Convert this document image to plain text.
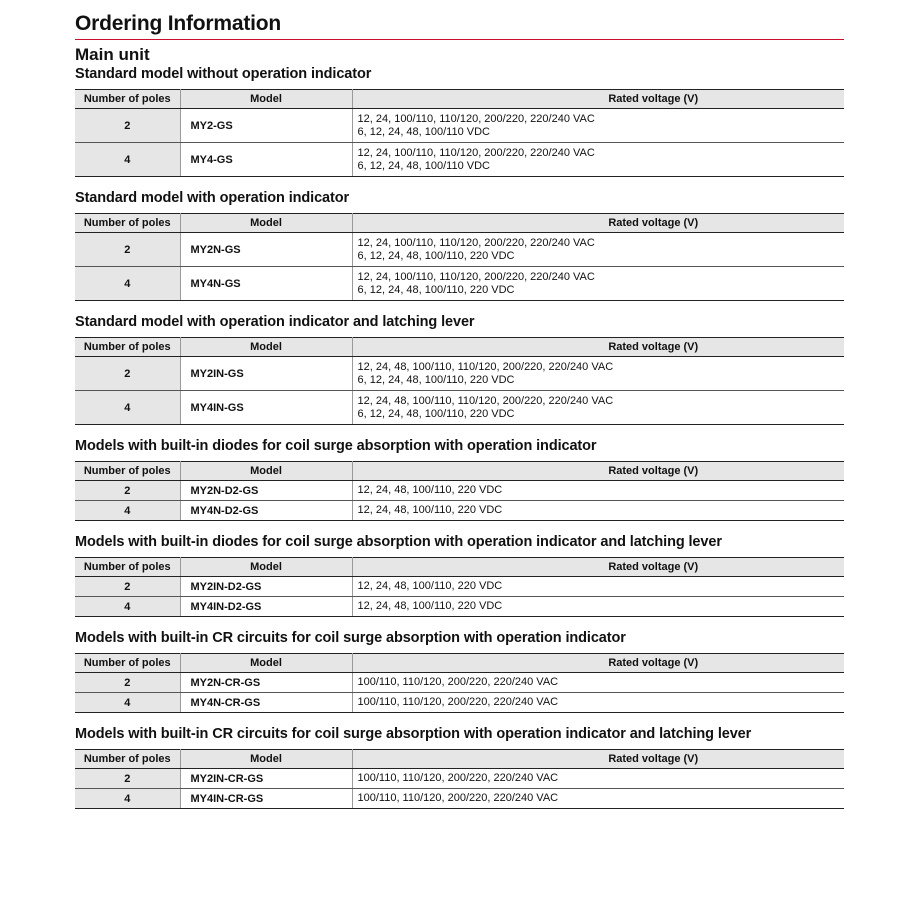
Ordering Information
Main unit
Standard model without operation indicator
Number of poles	Model	Rated voltage (V)
2	MY2-GS	12, 24, 100/110, 110/120, 200/220, 220/240 VAC
6, 12, 24, 48, 100/110 VDC

4	MY4-GS	12, 24, 100/110, 110/120, 200/220, 220/240 VAC
6, 12, 24, 48, 100/110 VDC
Standard model with operation indicator
Number of poles	Model	Rated voltage (V)
2	MY2N-GS	12, 24, 100/110, 110/120, 200/220, 220/240 VAC
6, 12, 24, 48, 100/110, 220 VDC

4	MY4N-GS	12, 24, 100/110, 110/120, 200/220, 220/240 VAC
6, 12, 24, 48, 100/110, 220 VDC
Standard model with operation indicator and latching lever
Number of poles	Model	Rated voltage (V)
2	MY2IN-GS	12, 24, 48, 100/110, 110/120, 200/220, 220/240 VAC
6, 12, 24, 48, 100/110, 220 VDC

4	MY4IN-GS	12, 24, 48, 100/110, 110/120, 200/220, 220/240 VAC
6, 12, 24, 48, 100/110, 220 VDC
Models with built-in diodes for coil surge absorption with operation indicator
Number of poles	Model	Rated voltage (V)
2	MY2N-D2-GS	12, 24, 48, 100/110, 220 VDC

4	MY4N-D2-GS	12, 24, 48, 100/110, 220 VDC
Models with built-in diodes for coil surge absorption with operation indicator and latching lever
Number of poles	Model	Rated voltage (V)
2	MY2IN-D2-GS	12, 24, 48, 100/110, 220 VDC

4	MY4IN-D2-GS	12, 24, 48, 100/110, 220 VDC
Models with built-in CR circuits for coil surge absorption with operation indicator
Number of poles	Model	Rated voltage (V)
2	MY2N-CR-GS	100/110, 110/120, 200/220, 220/240 VAC

4	MY4N-CR-GS	100/110, 110/120, 200/220, 220/240 VAC
Models with built-in CR circuits for coil surge absorption with operation indicator and latching lever
Number of poles	Model	Rated voltage (V)
2	MY2IN-CR-GS	100/110, 110/120, 200/220, 220/240 VAC

4	MY4IN-CR-GS	100/110, 110/120, 200/220, 220/240 VAC
